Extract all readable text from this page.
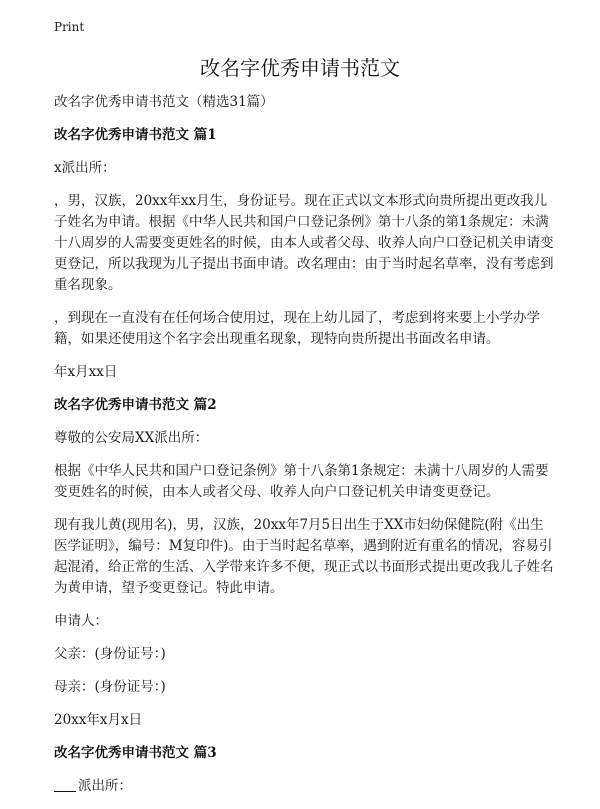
Print
改名字优秀申请书范文

改名字优秀申请书范文（精选31篇）

改名字优秀申请书范文 篇1

x派出所：

，男，汉族，20xx年xx月生，身份证号。现在正式以文本形式向贵所提出更改我儿子姓名为申请。根据《中华人民共和国户口登记条例》第十八条的第1条规定：未满十八周岁的人需要变更姓名的时候，由本人或者父母、收养人向户口登记机关申请变更登记，所以我现为儿子提出书面申请。改名理由：由于当时起名草率，没有考虑到重名现象。

，到现在一直没有在任何场合使用过，现在上幼儿园了，考虑到将来要上小学办学籍，如果还使用这个名字会出现重名现象，现特向贵所提出书面改名申请。

年x月xx日

改名字优秀申请书范文 篇2

尊敬的公安局XX派出所：

根据《中华人民共和国户口登记条例》第十八条第1条规定：未满十八周岁的人需要变更姓名的时候，由本人或者父母、收养人向户口登记机关申请变更登记。

现有我儿黄(现用名)，男，汉族，20xx年7月5日出生于XX市妇幼保健院(附《出生医学证明》，编号：M复印件)。由于当时起名草率，遇到附近有重名的情况，容易引起混淆，给正常的生活、入学带来许多不便，现正式以书面形式提出更改我儿子姓名为黄申请，望予变更登记。特此申请。

申请人：

父亲：(身份证号：)

母亲：(身份证号：)

20xx年x月x日

改名字优秀申请书范文 篇3

派出所：
